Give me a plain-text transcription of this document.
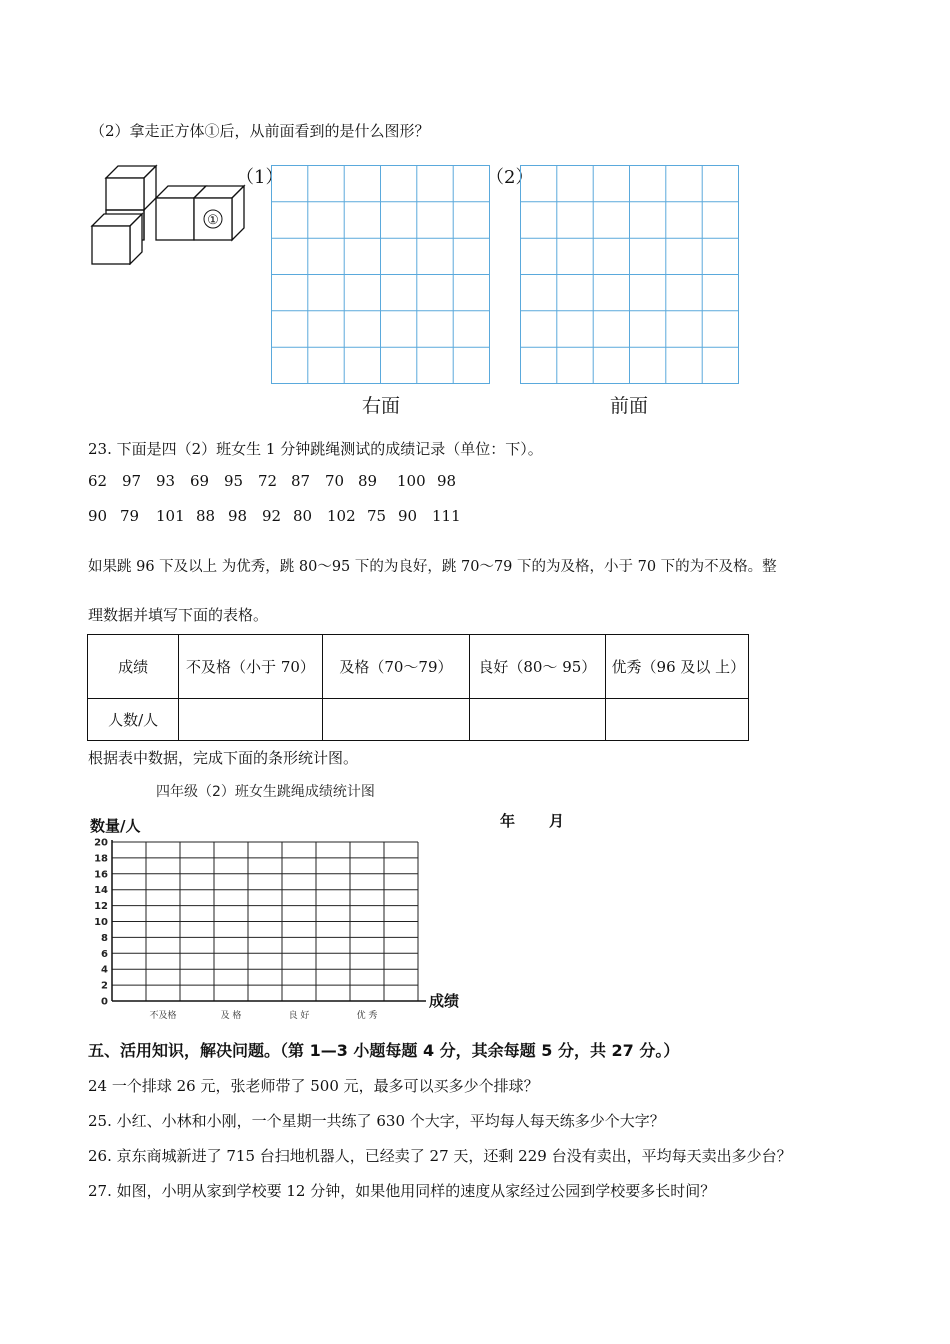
（2）拿走正方体①后，从前面看到的是什么图形？
①
（1）
右面
（2）
前面
23. 下面是四（2）班女生 1 分钟跳绳测试的成绩记录（单位：下）。
62 97 93 69 95 72 87 70 89 100 98
90 79 101 88 98 92 80 102 75 90 111
如果跳 96 下及以上 为优秀，跳 80～95 下的为良好，跳 70～79 下的为及格，小于 70 下的为不及格。整
理数据并填写下面的表格。
成绩	不及格（小于 70）	及格（70～79）	良好（80～ 95）	优秀（96 及以 上）
人数/人				
根据表中数据，完成下面的条形统计图。
四年级（2）班女生跳绳成绩统计图
数量/人	年 月
成绩
0
2
4
6
8
10
12
14
16
18
20
不及格	及 格	良 好	优 秀
五、活用知识，解决问题。（第 1—3 小题每题 4 分，其余每题 5 分，共 27 分。）
24 一个排球 26 元，张老师带了 500 元，最多可以买多少个排球？
25. 小红、小林和小刚，一个星期一共练了 630 个大字，平均每人每天练多少个大字？
26. 京东商城新进了 715 台扫地机器人，已经卖了 27 天，还剩 229 台没有卖出，平均每天卖出多少台？
27. 如图，小明从家到学校要 12 分钟，如果他用同样的速度从家经过公园到学校要多长时间？
